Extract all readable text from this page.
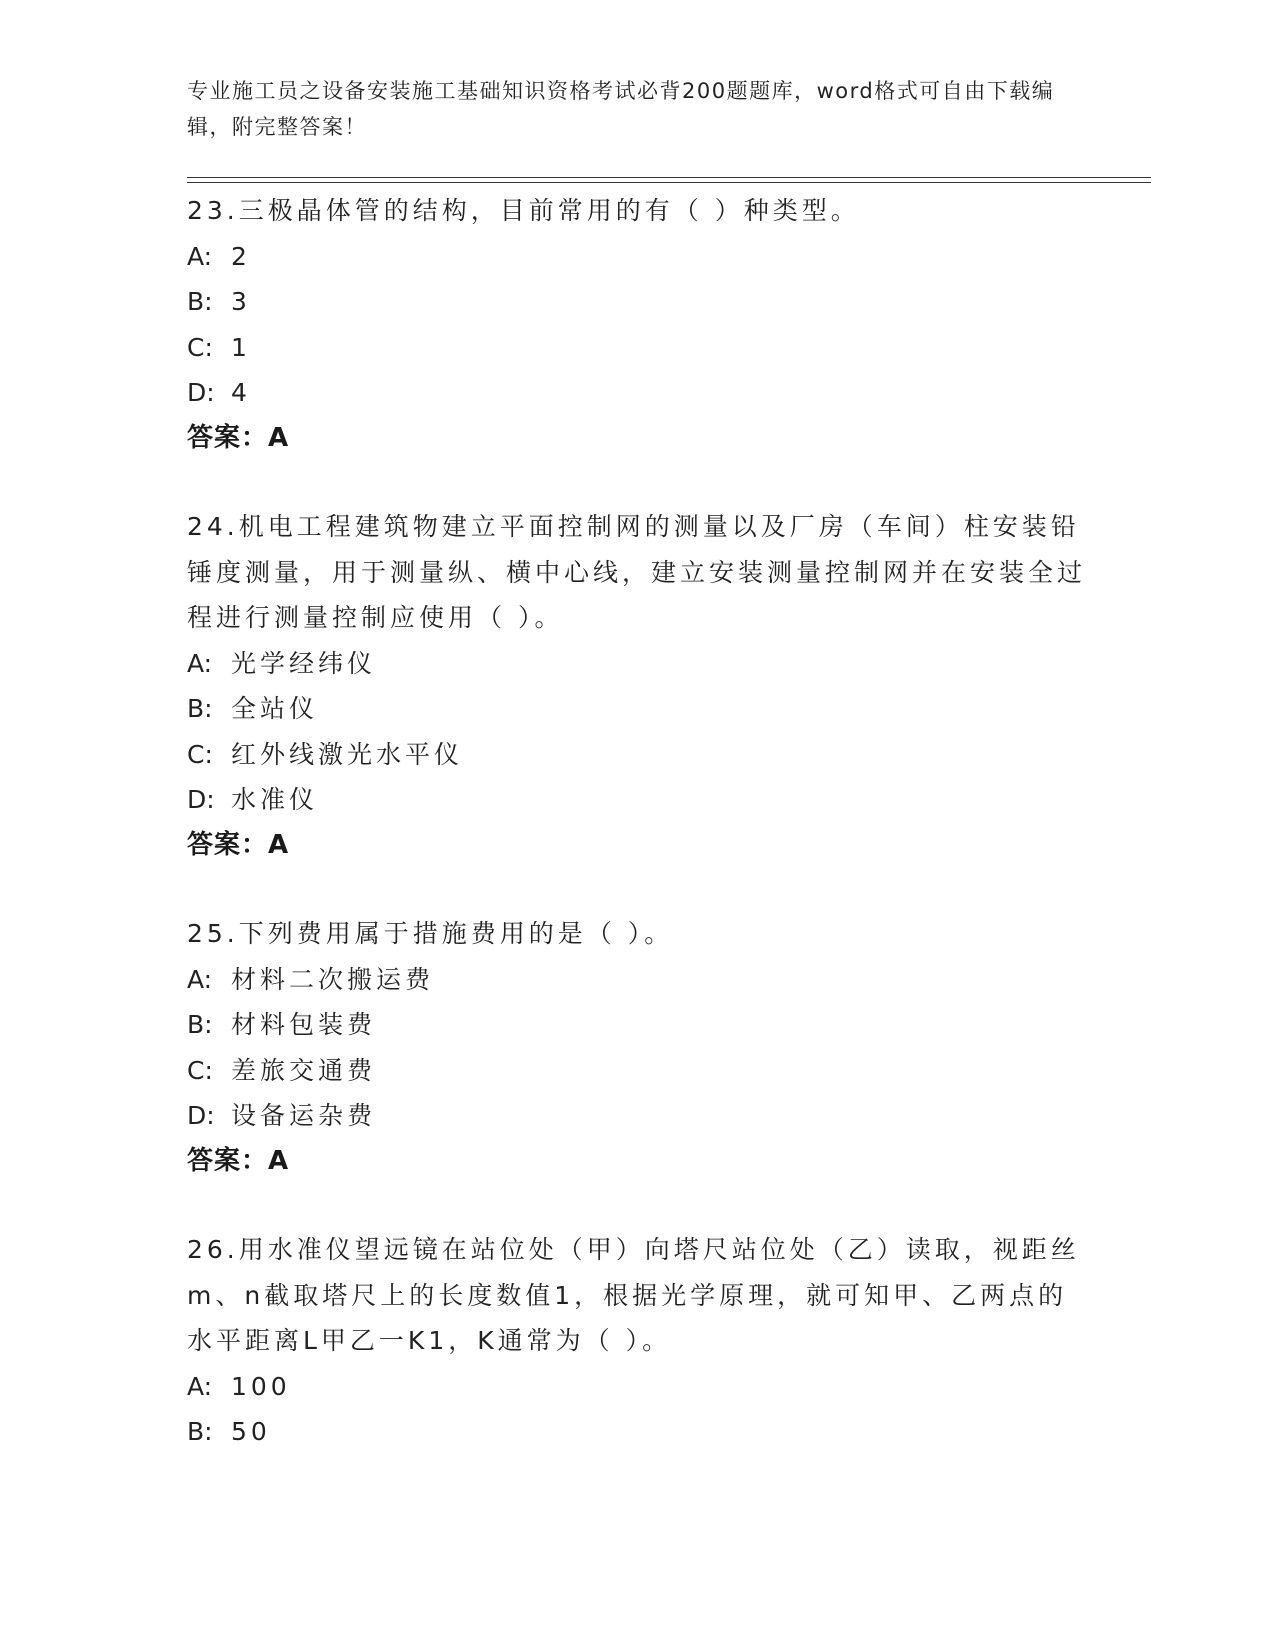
专业施工员之设备安装施工基础知识资格考试必背200题题库，word格式可自由下载编辑，附完整答案！
23.三极晶体管的结构，目前常用的有（ ）种类型。
A: 2
B: 3
C: 1
D: 4
答案：A
24.机电工程建筑物建立平面控制网的测量以及厂房（车间）柱安装铅锤度测量，用于测量纵、横中心线，建立安装测量控制网并在安装全过程进行测量控制应使用（ ）。
A: 光学经纬仪
B: 全站仪
C: 红外线激光水平仪
D: 水准仪
答案：A
25.下列费用属于措施费用的是（ ）。
A: 材料二次搬运费
B: 材料包装费
C: 差旅交通费
D: 设备运杂费
答案：A
26.用水准仪望远镜在站位处（甲）向塔尺站位处（乙）读取，视距丝m、n截取塔尺上的长度数值1，根据光学原理，就可知甲、乙两点的水平距离L甲乙一K1，K通常为（ ）。
A: 100
B: 50
